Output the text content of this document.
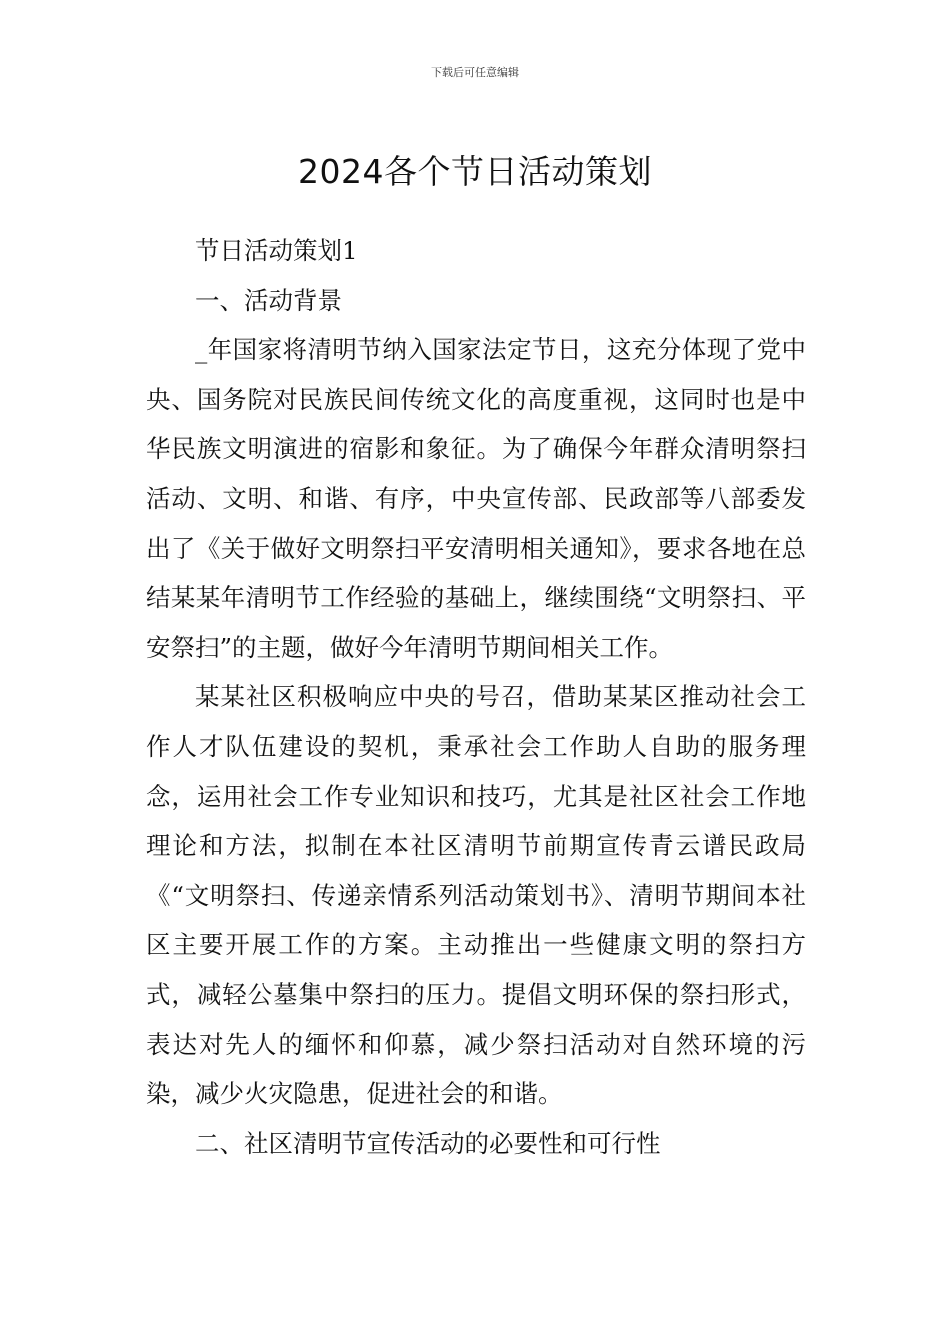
下载后可任意编辑
2024各个节日活动策划

节日活动策划1

一、活动背景

_年国家将清明节纳入国家法定节日，这充分体现了党中央、国务院对民族民间传统文化的高度重视，这同时也是中华民族文明演进的宿影和象征。为了确保今年群众清明祭扫活动、文明、和谐、有序，中央宣传部、民政部等八部委发出了《关于做好文明祭扫平安清明相关通知》，要求各地在总结某某年清明节工作经验的基础上，继续围绕“文明祭扫、平安祭扫”的主题，做好今年清明节期间相关工作。

某某社区积极响应中央的号召，借助某某区推动社会工作人才队伍建设的契机，秉承社会工作助人自助的服务理念，运用社会工作专业知识和技巧，尤其是社区社会工作地理论和方法，拟制在本社区清明节前期宣传青云谱民政局《“文明祭扫、传递亲情系列活动策划书》、清明节期间本社区主要开展工作的方案。主动推出一些健康文明的祭扫方式，减轻公墓集中祭扫的压力。提倡文明环保的祭扫形式，表达对先人的缅怀和仰慕，减少祭扫活动对自然环境的污染，减少火灾隐患，促进社会的和谐。

二、社区清明节宣传活动的必要性和可行性
